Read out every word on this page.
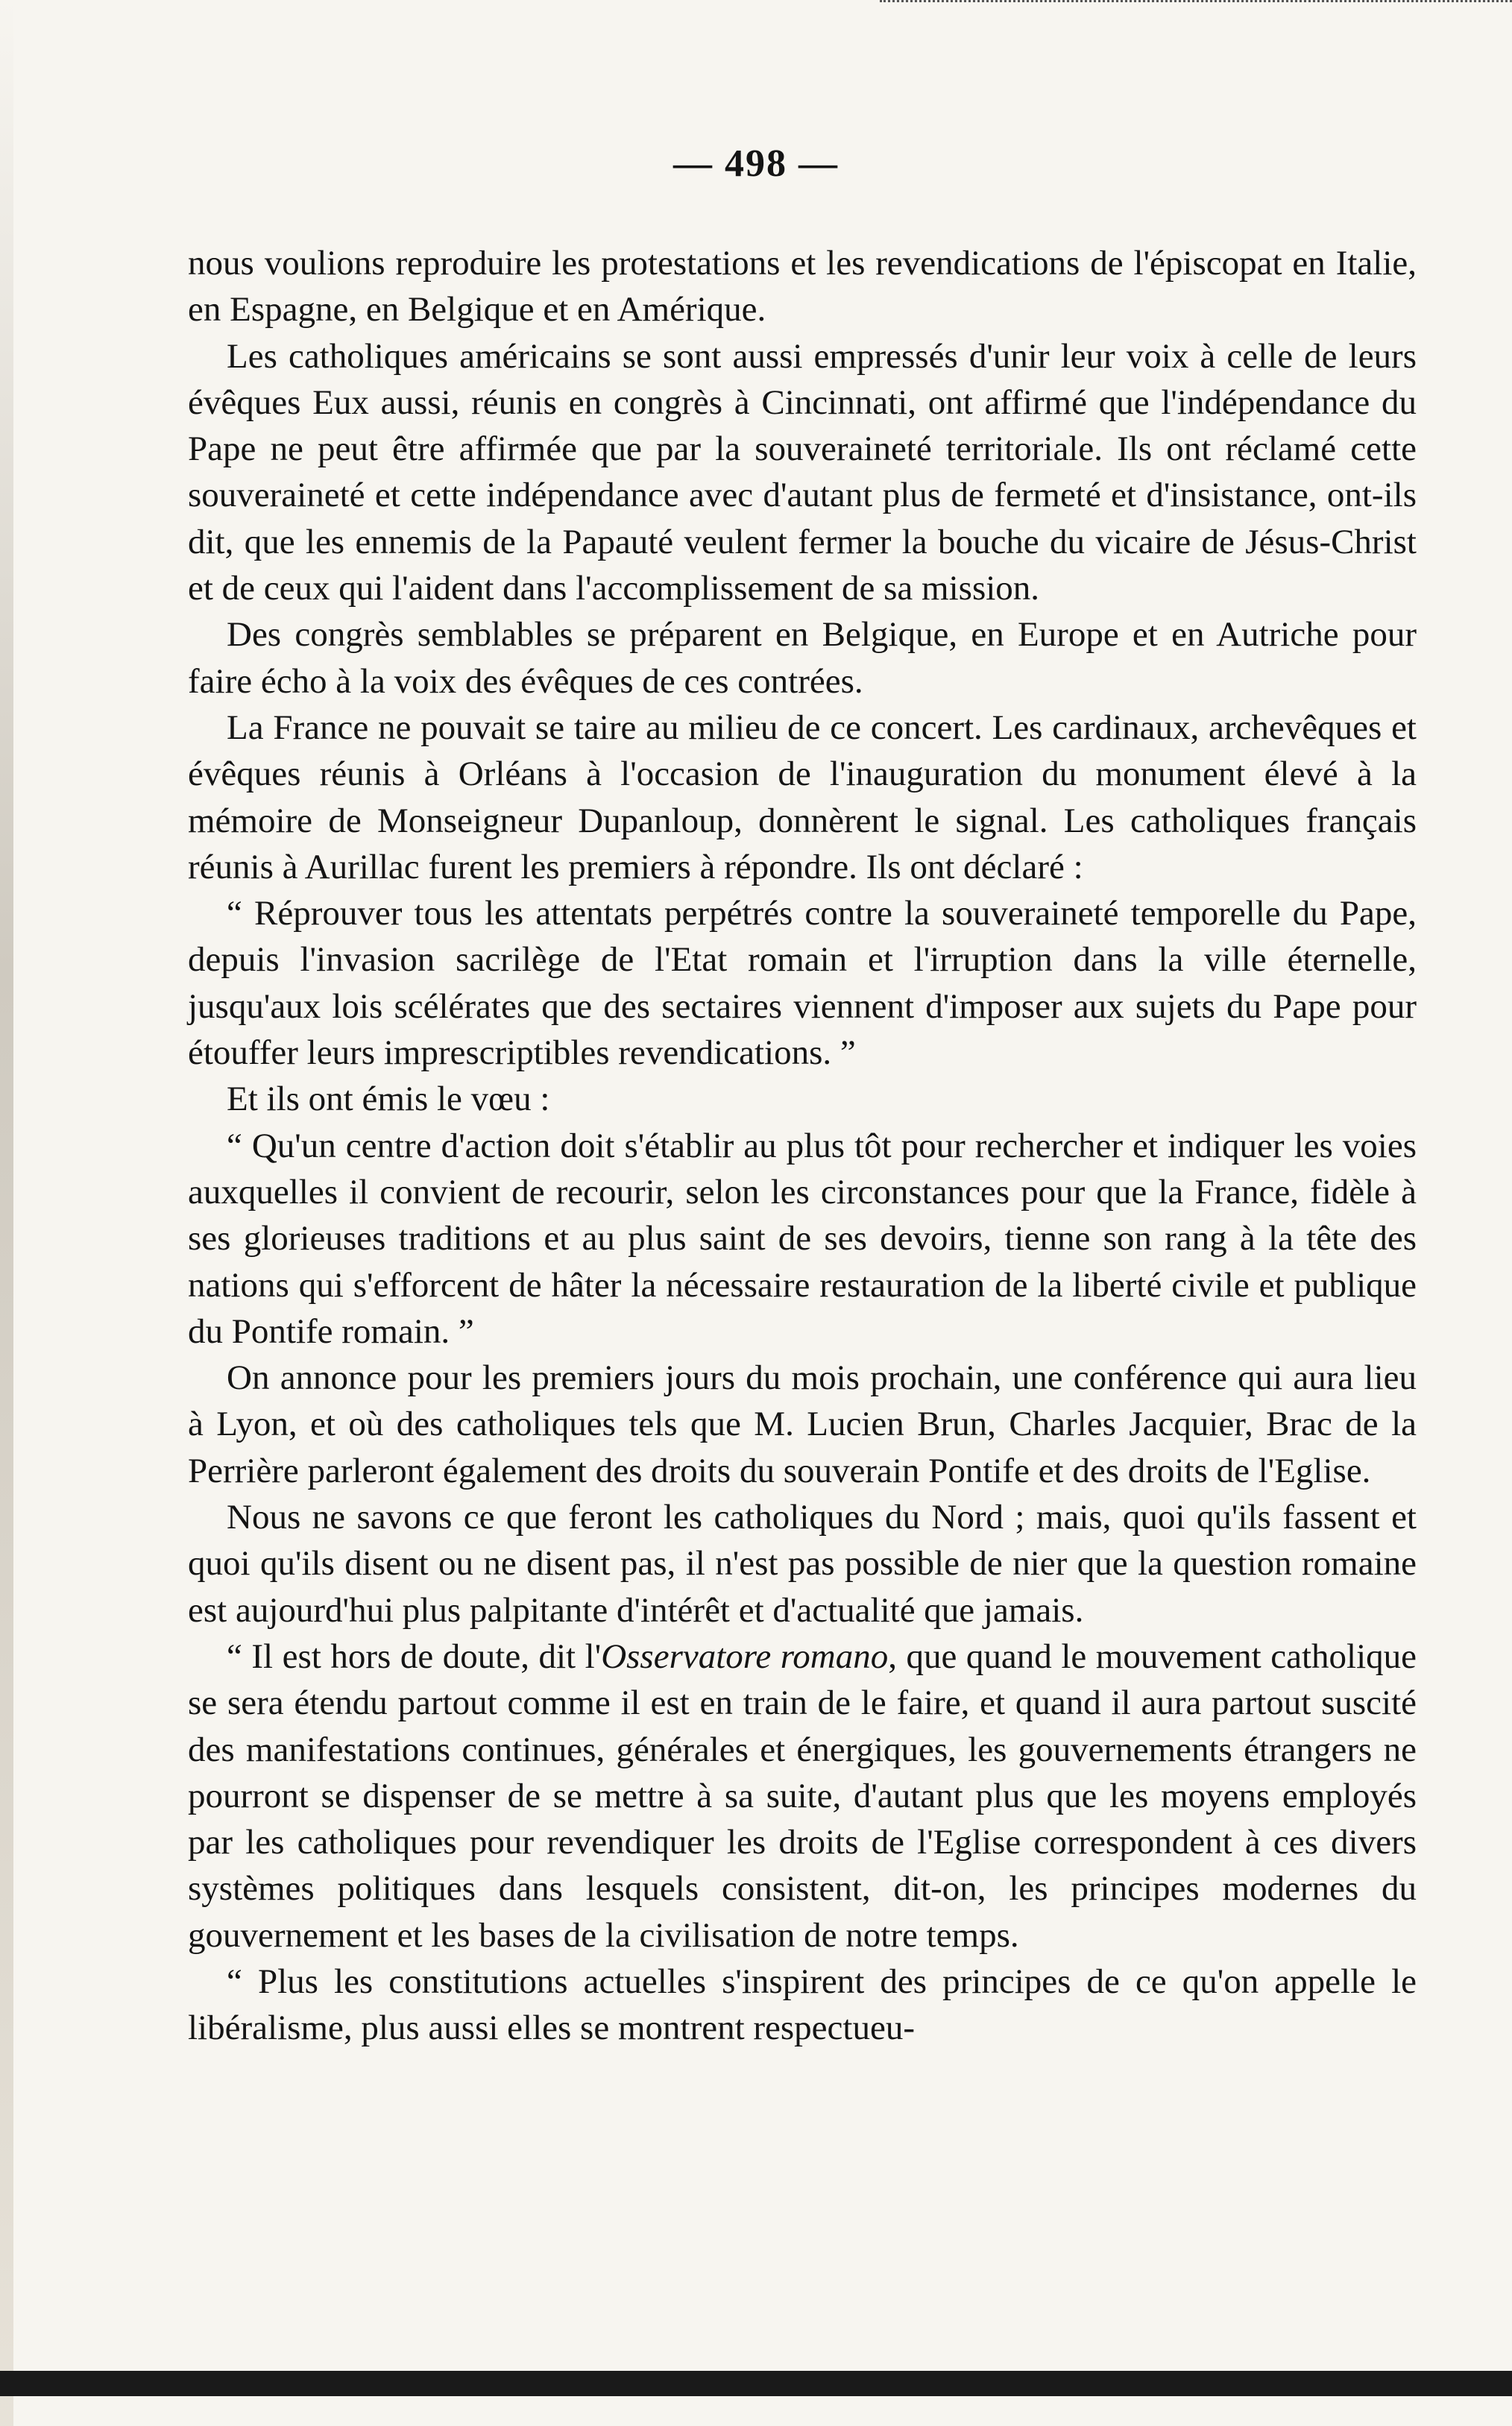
— 498 —

nous voulions reproduire les protestations et les revendications de l'épiscopat en Italie, en Espagne, en Belgique et en Amérique.

Les catholiques américains se sont aussi empressés d'unir leur voix à celle de leurs évêques Eux aussi, réunis en congrès à Cincinnati, ont affirmé que l'indépendance du Pape ne peut être affirmée que par la souveraineté territoriale. Ils ont réclamé cette souveraineté et cette indépendance avec d'autant plus de fermeté et d'insistance, ont-ils dit, que les ennemis de la Papauté veulent fermer la bouche du vicaire de Jésus-Christ et de ceux qui l'aident dans l'accomplissement de sa mission.

Des congrès semblables se préparent en Belgique, en Europe et en Autriche pour faire écho à la voix des évêques de ces contrées.

La France ne pouvait se taire au milieu de ce concert. Les cardinaux, archevêques et évêques réunis à Orléans à l'occasion de l'inauguration du monument élevé à la mémoire de Monseigneur Dupanloup, donnèrent le signal. Les catholiques français réunis à Aurillac furent les premiers à répondre. Ils ont déclaré :

“ Réprouver tous les attentats perpétrés contre la souveraineté temporelle du Pape, depuis l'invasion sacrilège de l'Etat romain et l'irruption dans la ville éternelle, jusqu'aux lois scélérates que des sectaires viennent d'imposer aux sujets du Pape pour étouffer leurs imprescriptibles revendications. ”

Et ils ont émis le vœu :

“ Qu'un centre d'action doit s'établir au plus tôt pour rechercher et indiquer les voies auxquelles il convient de recourir, selon les circonstances pour que la France, fidèle à ses glorieuses traditions et au plus saint de ses devoirs, tienne son rang à la tête des nations qui s'efforcent de hâter la nécessaire restauration de la liberté civile et publique du Pontife romain. ”

On annonce pour les premiers jours du mois prochain, une conférence qui aura lieu à Lyon, et où des catholiques tels que M. Lucien Brun, Charles Jacquier, Brac de la Perrière parleront également des droits du souverain Pontife et des droits de l'Eglise.

Nous ne savons ce que feront les catholiques du Nord ; mais, quoi qu'ils fassent et quoi qu'ils disent ou ne disent pas, il n'est pas possible de nier que la question romaine est aujourd'hui plus palpitante d'intérêt et d'actualité que jamais.

“ Il est hors de doute, dit l'Osservatore romano, que quand le mouvement catholique se sera étendu partout comme il est en train de le faire, et quand il aura partout suscité des manifestations continues, générales et énergiques, les gouvernements étrangers ne pourront se dispenser de se mettre à sa suite, d'autant plus que les moyens employés par les catholiques pour revendiquer les droits de l'Eglise correspondent à ces divers systèmes politiques dans lesquels consistent, dit-on, les principes modernes du gouvernement et les bases de la civilisation de notre temps.

“ Plus les constitutions actuelles s'inspirent des principes de ce qu'on appelle le libéralisme, plus aussi elles se montrent respectueu-
